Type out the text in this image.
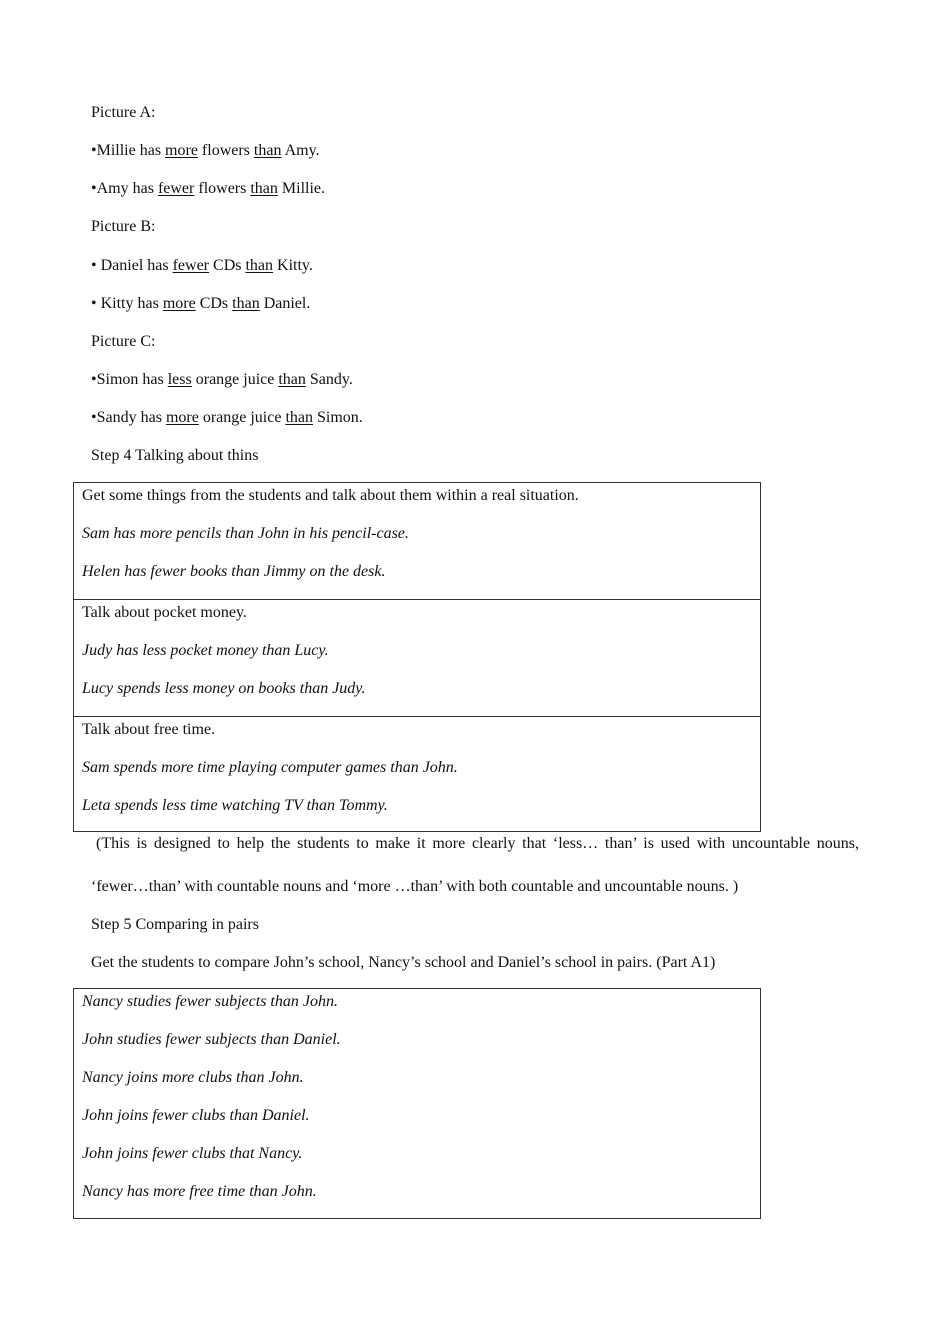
Picture A:
•Millie has more flowers than Amy.
•Amy has fewer flowers than Millie.
Picture B:
• Daniel has fewer CDs than Kitty.
• Kitty has more CDs than Daniel.
Picture C:
•Simon has less orange juice than Sandy.
•Sandy has more orange juice than Simon.
Step 4 Talking about thins
Get some things from the students and talk about them within a real situation.
Sam has more pencils than John in his pencil-case.
Helen has fewer books than Jimmy on the desk.
Talk about pocket money.
Judy has less pocket money than Lucy.
Lucy spends less money on books than Judy.
Talk about free time.
Sam spends more time playing computer games than John.
Leta spends less time watching TV than Tommy.
(This is designed to help the students to make it more clearly that ‘less… than’ is used with uncountable nouns,
‘fewer…than’ with countable nouns and ‘more …than’ with both countable and uncountable nouns. )
Step 5 Comparing in pairs
Get the students to compare John’s school, Nancy’s school and Daniel’s school in pairs. (Part A1)
Nancy studies fewer subjects than John.
John studies fewer subjects than Daniel.
Nancy joins more clubs than John.
John joins fewer clubs than Daniel.
John joins fewer clubs that Nancy.
Nancy has more free time than John.
